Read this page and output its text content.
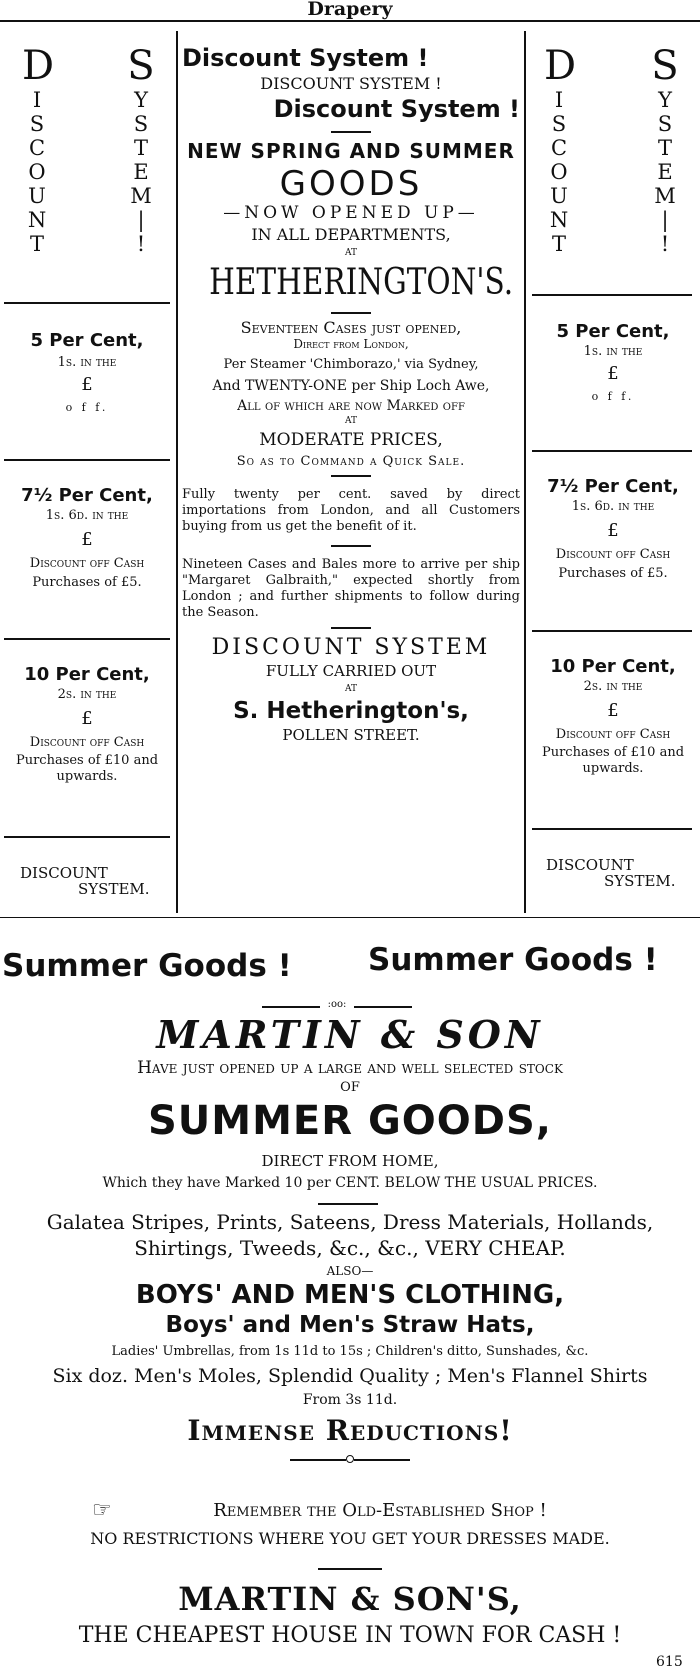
Drapery
D
I
S
C
O
U
N
T
S
Y
S
T
E
M
|
!
5 Per Cent,
1s. in the
£
o f f.
7½ Per Cent,
1s. 6d. in the
£
Discount off Cash
Purchases of £5.
10 Per Cent,
2s. in the
£
Discount off Cash
Purchases of £10 and
upwards.
DISCOUNT
SYSTEM.
D
I
S
C
O
U
N
T
S
Y
S
T
E
M
|
!
5 Per Cent,
1s. in the
£
o f f.
7½ Per Cent,
1s. 6d. in the
£
Discount off Cash
Purchases of £5.
10 Per Cent,
2s. in the
£
Discount off Cash
Purchases of £10 and
upwards.
DISCOUNT
SYSTEM.
Discount System !
DISCOUNT SYSTEM !
Discount System !
NEW SPRING AND SUMMER
GOODS
—NOW OPENED UP—
IN ALL DEPARTMENTS,
AT
HETHERINGTON'S.
Seventeen Cases just opened,
Direct from London,
Per Steamer 'Chimborazo,' via Sydney,
And TWENTY-ONE per Ship Loch Awe,
All of which are now Marked off
AT
MODERATE PRICES,
So as to Command a Quick Sale.
Fully twenty per cent. saved by direct importations from London, and all Customers buying from us get the benefit of it.
Nineteen Cases and Bales more to arrive per ship "Margaret Galbraith," expected shortly from London ; and further shipments to follow during the Season.
DISCOUNT SYSTEM
FULLY CARRIED OUT
AT
S. Hetherington's,
POLLEN STREET.
Summer Goods ! Summer Goods !
:oo:
MARTIN & SON
Have just opened up a large and well selected stock
OF
SUMMER GOODS,
DIRECT FROM HOME,
Which they have Marked 10 per CENT. BELOW THE USUAL PRICES.
Galatea Stripes, Prints, Sateens, Dress Materials, Hollands,
Shirtings, Tweeds, &c., &c., VERY CHEAP.
ALSO—
BOYS' AND MEN'S CLOTHING,
Boys' and Men's Straw Hats,
Ladies' Umbrellas, from 1s 11d to 15s ; Children's ditto, Sunshades, &c.
Six doz. Men's Moles, Splendid Quality ; Men's Flannel Shirts
From 3s 11d.
Immense Reductions!
☞	Remember the Old-Established Shop !
NO RESTRICTIONS WHERE YOU GET YOUR DRESSES MADE.
MARTIN & SON'S,
THE CHEAPEST HOUSE IN TOWN FOR CASH !
615
